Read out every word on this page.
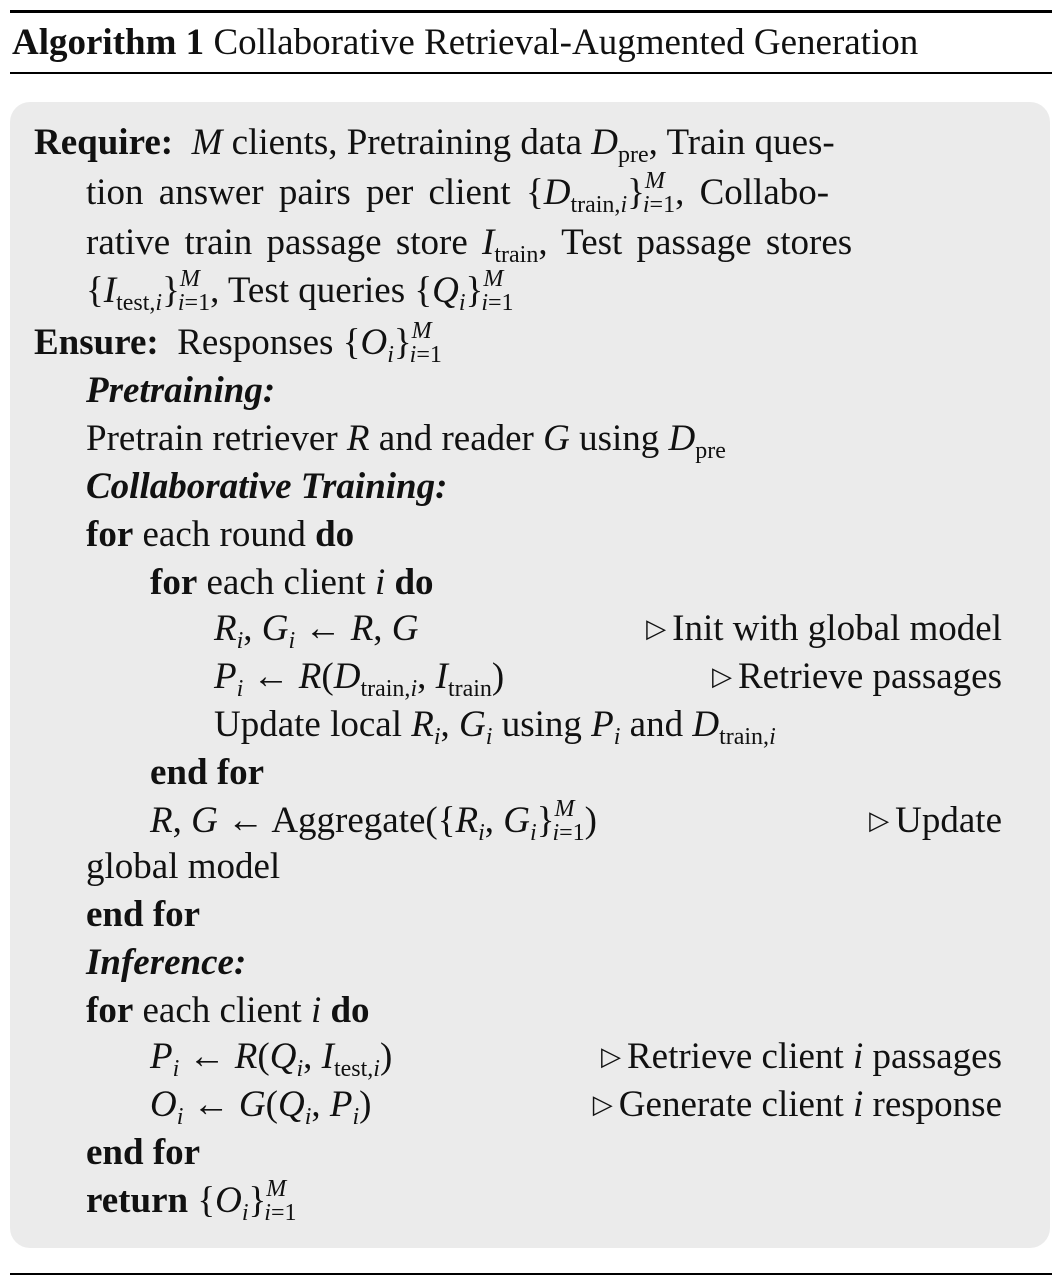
Algorithm 1 Collaborative Retrieval-Augmented Generation
Require: M clients, Pretraining data $D_{pre}$, Train ques-
tion answer pairs per client $\{D_{train,i}\}^M_{i=1}$, Collabo-
rative train passage store $I_{train}$, Test passage stores
$\{I_{test,i}\}^M_{i=1}$, Test queries $\{Q_i\}^M_{i=1}$
Ensure:  Responses $\{O_i\}^M_{i=1}$
Pretraining:
Pretrain retriever R and reader G using $D_{pre}$
Collaborative Training:
for each round do
for each client i do
$R_i$, $G_i$ ← R, G	▷ Init with global model
$P_i$ ← $R(D_{train,i}$, $I_{train}$)	▷ Retrieve passages
Update local $R_i$, $G_i$ using $P_i$ and $D_{train,i}$
end for
R, G ← $Aggregate(\{R_i$, $G_i\}^M_{i=1}$)	▷ Update
global model
end for
Inference:
for each client i do
$P_i$ ← $R(Q_i$, $I_{test,i}$)	▷ Retrieve client i passages
$O_i$ ← $G(Q_i$, $P_i$)	▷ Generate client i response
end for
return $\{O_i\}^M_{i=1}$
